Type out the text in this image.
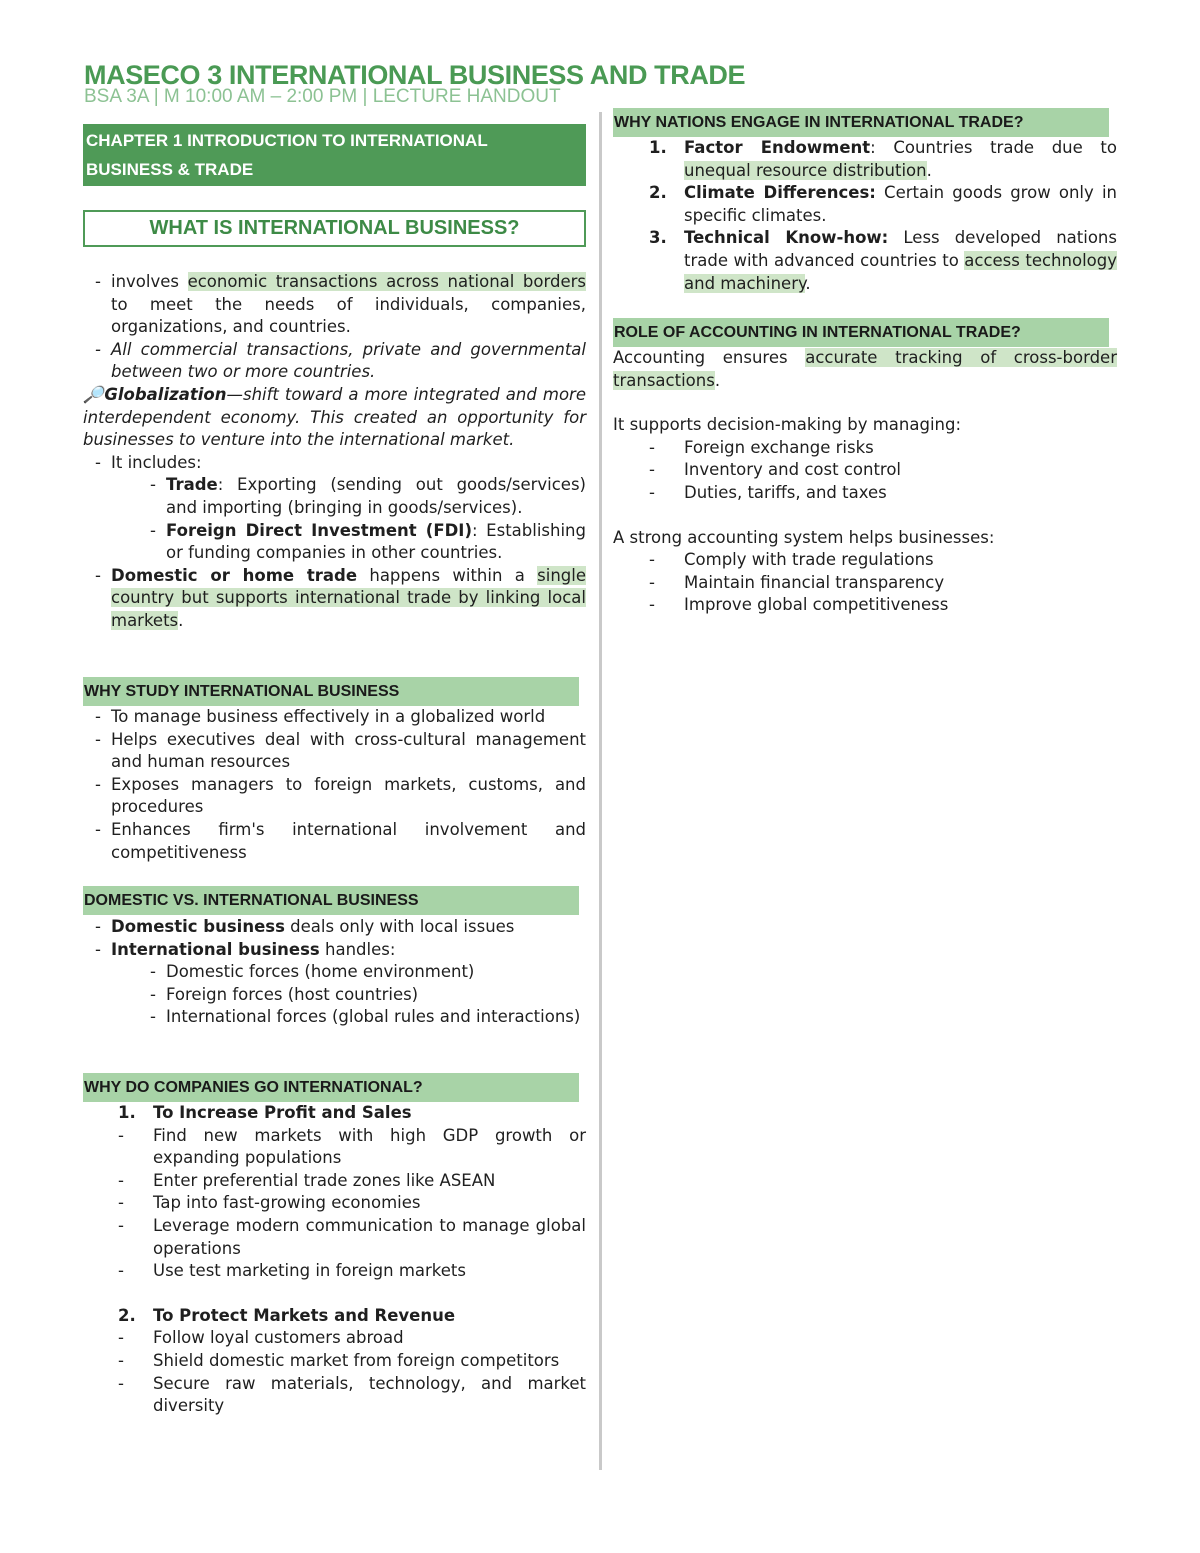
MASECO 3 INTERNATIONAL BUSINESS AND TRADE
BSA 3A | M 10:00 AM – 2:00 PM | LECTURE HANDOUT
CHAPTER 1 INTRODUCTION TO INTERNATIONAL
BUSINESS & TRADE
WHAT IS INTERNATIONAL BUSINESS?
- involves economic transactions across national borders to meet the needs of individuals, companies, organizations, and countries.
- All commercial transactions, private and governmental between two or more countries.
🔎Globalization—shift toward a more integrated and more interdependent economy. This created an opportunity for businesses to venture into the international market.
- It includes:
- Trade: Exporting (sending out goods/services) and importing (bringing in goods/services).
- Foreign Direct Investment (FDI): Establishing or funding companies in other countries.
- Domestic or home trade happens within a single country but supports international trade by linking local markets.
WHY STUDY INTERNATIONAL BUSINESS
- To manage business effectively in a globalized world
- Helps executives deal with cross-cultural management and human resources
- Exposes managers to foreign markets, customs, and procedures
- Enhances firm's international involvement and competitiveness
DOMESTIC VS. INTERNATIONAL BUSINESS
- Domestic business deals only with local issues
- International business handles:
- Domestic forces (home environment)
- Foreign forces (host countries)
- International forces (global rules and interactions)
WHY DO COMPANIES GO INTERNATIONAL?
1. To Increase Profit and Sales
- Find new markets with high GDP growth or expanding populations
- Enter preferential trade zones like ASEAN
- Tap into fast-growing economies
- Leverage modern communication to manage global operations
- Use test marketing in foreign markets
2. To Protect Markets and Revenue
- Follow loyal customers abroad
- Shield domestic market from foreign competitors
- Secure raw materials, technology, and market diversity
WHY NATIONS ENGAGE IN INTERNATIONAL TRADE?
1. Factor Endowment: Countries trade due to unequal resource distribution.
2. Climate Differences: Certain goods grow only in specific climates.
3. Technical Know-how: Less developed nations trade with advanced countries to access technology and machinery.
ROLE OF ACCOUNTING IN INTERNATIONAL TRADE?
Accounting ensures accurate tracking of cross-border transactions.
It supports decision-making by managing:
- Foreign exchange risks
- Inventory and cost control
- Duties, tariffs, and taxes
A strong accounting system helps businesses:
- Comply with trade regulations
- Maintain financial transparency
- Improve global competitiveness
